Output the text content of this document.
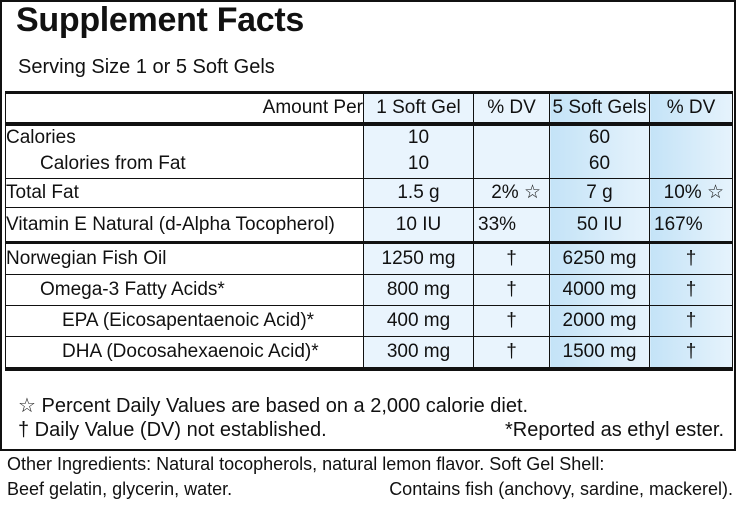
Supplement Facts
Serving Size 1 or 5 Soft Gels
Amount Per	1 Soft Gel	% DV	5 Soft Gels	% DV
Calories	10		60	
Calories from Fat	10		60	
Total Fat	1.5 g	2% ☆	7 g	10% ☆
Vitamin E Natural (d-Alpha Tocopherol)	10 IU	33%	50 IU	167%
Norwegian Fish Oil	1250 mg	†	6250 mg	†
Omega-3 Fatty Acids*	800 mg	†	4000 mg	†
EPA (Eicosapentaenoic Acid)*	400 mg	†	2000 mg	†
DHA (Docosahexaenoic Acid)*	300 mg	†	1500 mg	†
☆ Percent Daily Values are based on a 2,000 calorie diet.
† Daily Value (DV) not established.	*Reported as ethyl ester.
Other Ingredients: Natural tocopherols, natural lemon flavor. Soft Gel Shell:
Beef gelatin, glycerin, water.	Contains fish (anchovy, sardine, mackerel).
